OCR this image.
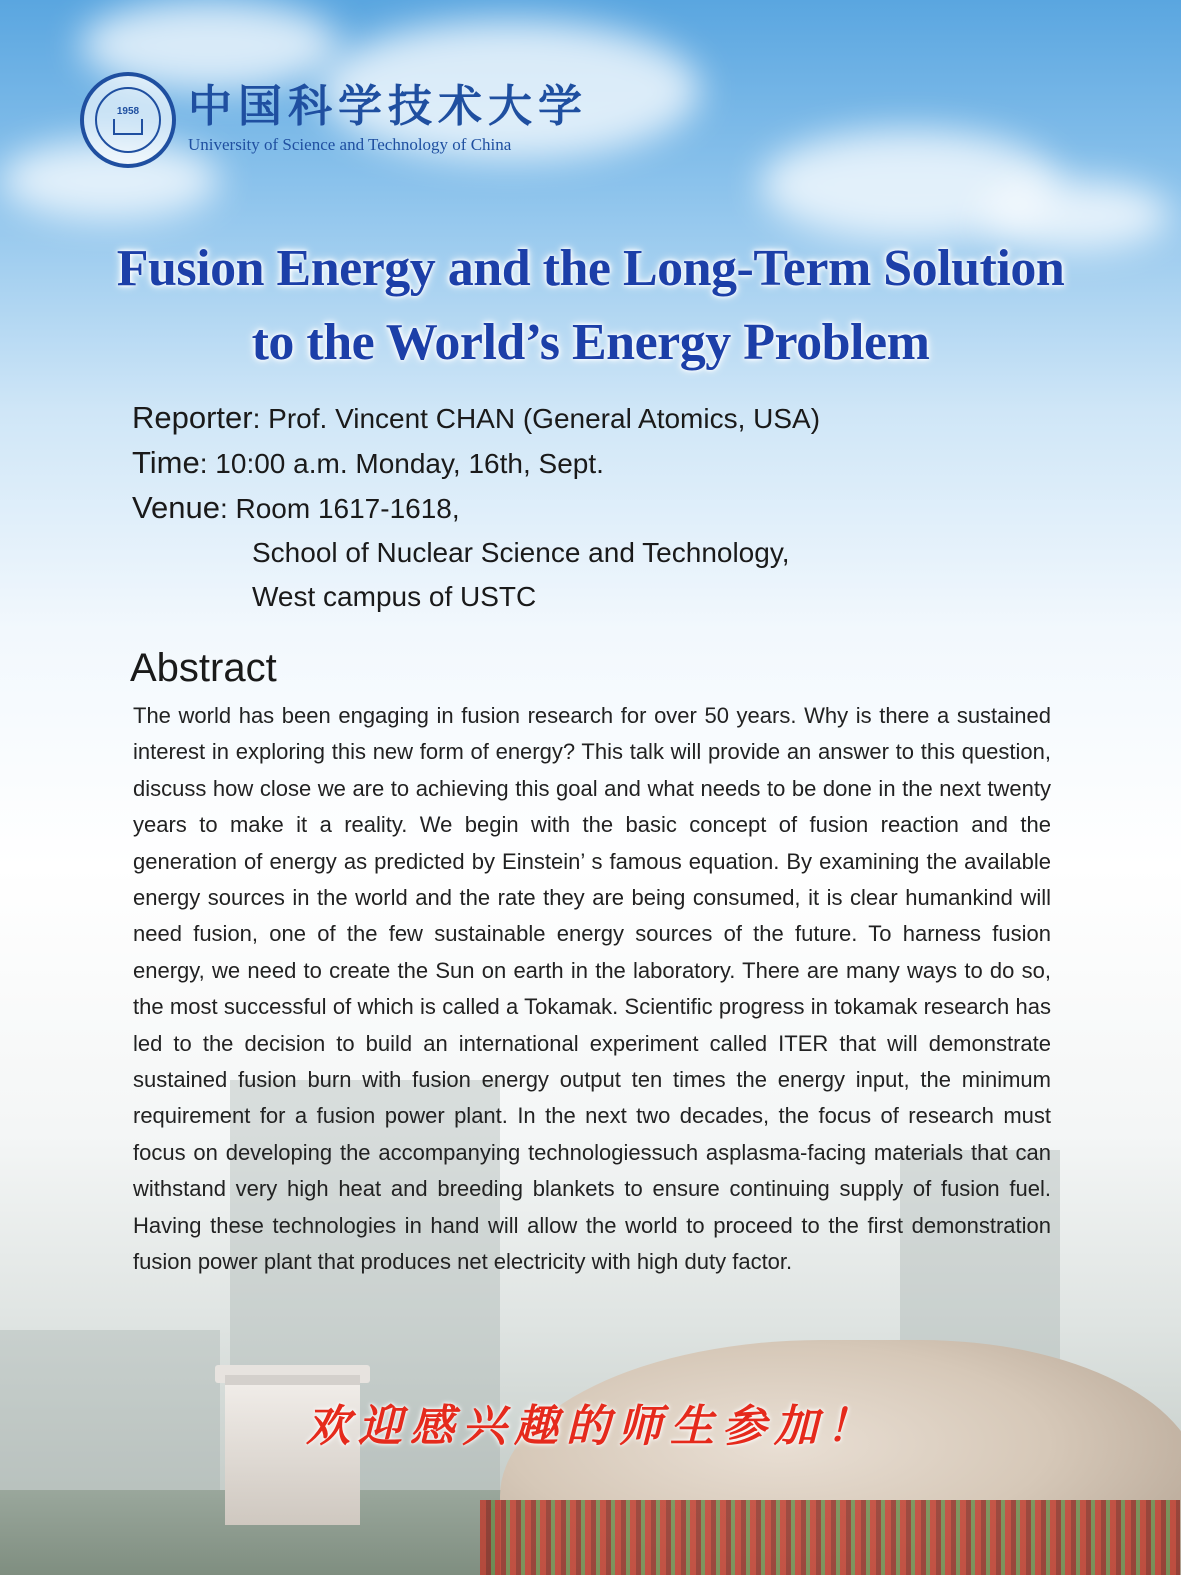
1958 中国科学技术大学
University of Science and Technology of China
Fusion Energy and the Long-Term Solution
to the World’s Energy Problem
Reporter: Prof. Vincent CHAN (General Atomics, USA)
Time: 10:00 a.m. Monday, 16th, Sept.
Venue: Room 1617-1618,
School of Nuclear Science and Technology,
West campus of USTC
Abstract
The world has been engaging in fusion research for over 50 years. Why is there a sustained interest in exploring this new form of energy? This talk will provide an answer to this question, discuss how close we are to achieving this goal and what needs to be done in the next twenty years to make it a reality. We begin with the basic concept of fusion reaction and the generation of energy as predicted by Einstein’ s famous equation. By examining the available energy sources in the world and the rate they are being consumed, it is clear humankind will need fusion, one of the few sustainable energy sources of the future. To harness fusion energy, we need to create the Sun on earth in the laboratory. There are many ways to do so, the most successful of which is called a Tokamak. Scientific progress in tokamak research has led to the decision to build an international experiment called ITER that will demonstrate sustained fusion burn with fusion energy output ten times the energy input, the minimum requirement for a fusion power plant. In the next two decades, the focus of research must focus on developing the accompanying technologiessuch asplasma-facing materials that can withstand very high heat and breeding blankets to ensure continuing supply of fusion fuel. Having these technologies in hand will allow the world to proceed to the first demonstration fusion power plant that produces net electricity with high duty factor.
欢迎感兴趣的师生参加！
